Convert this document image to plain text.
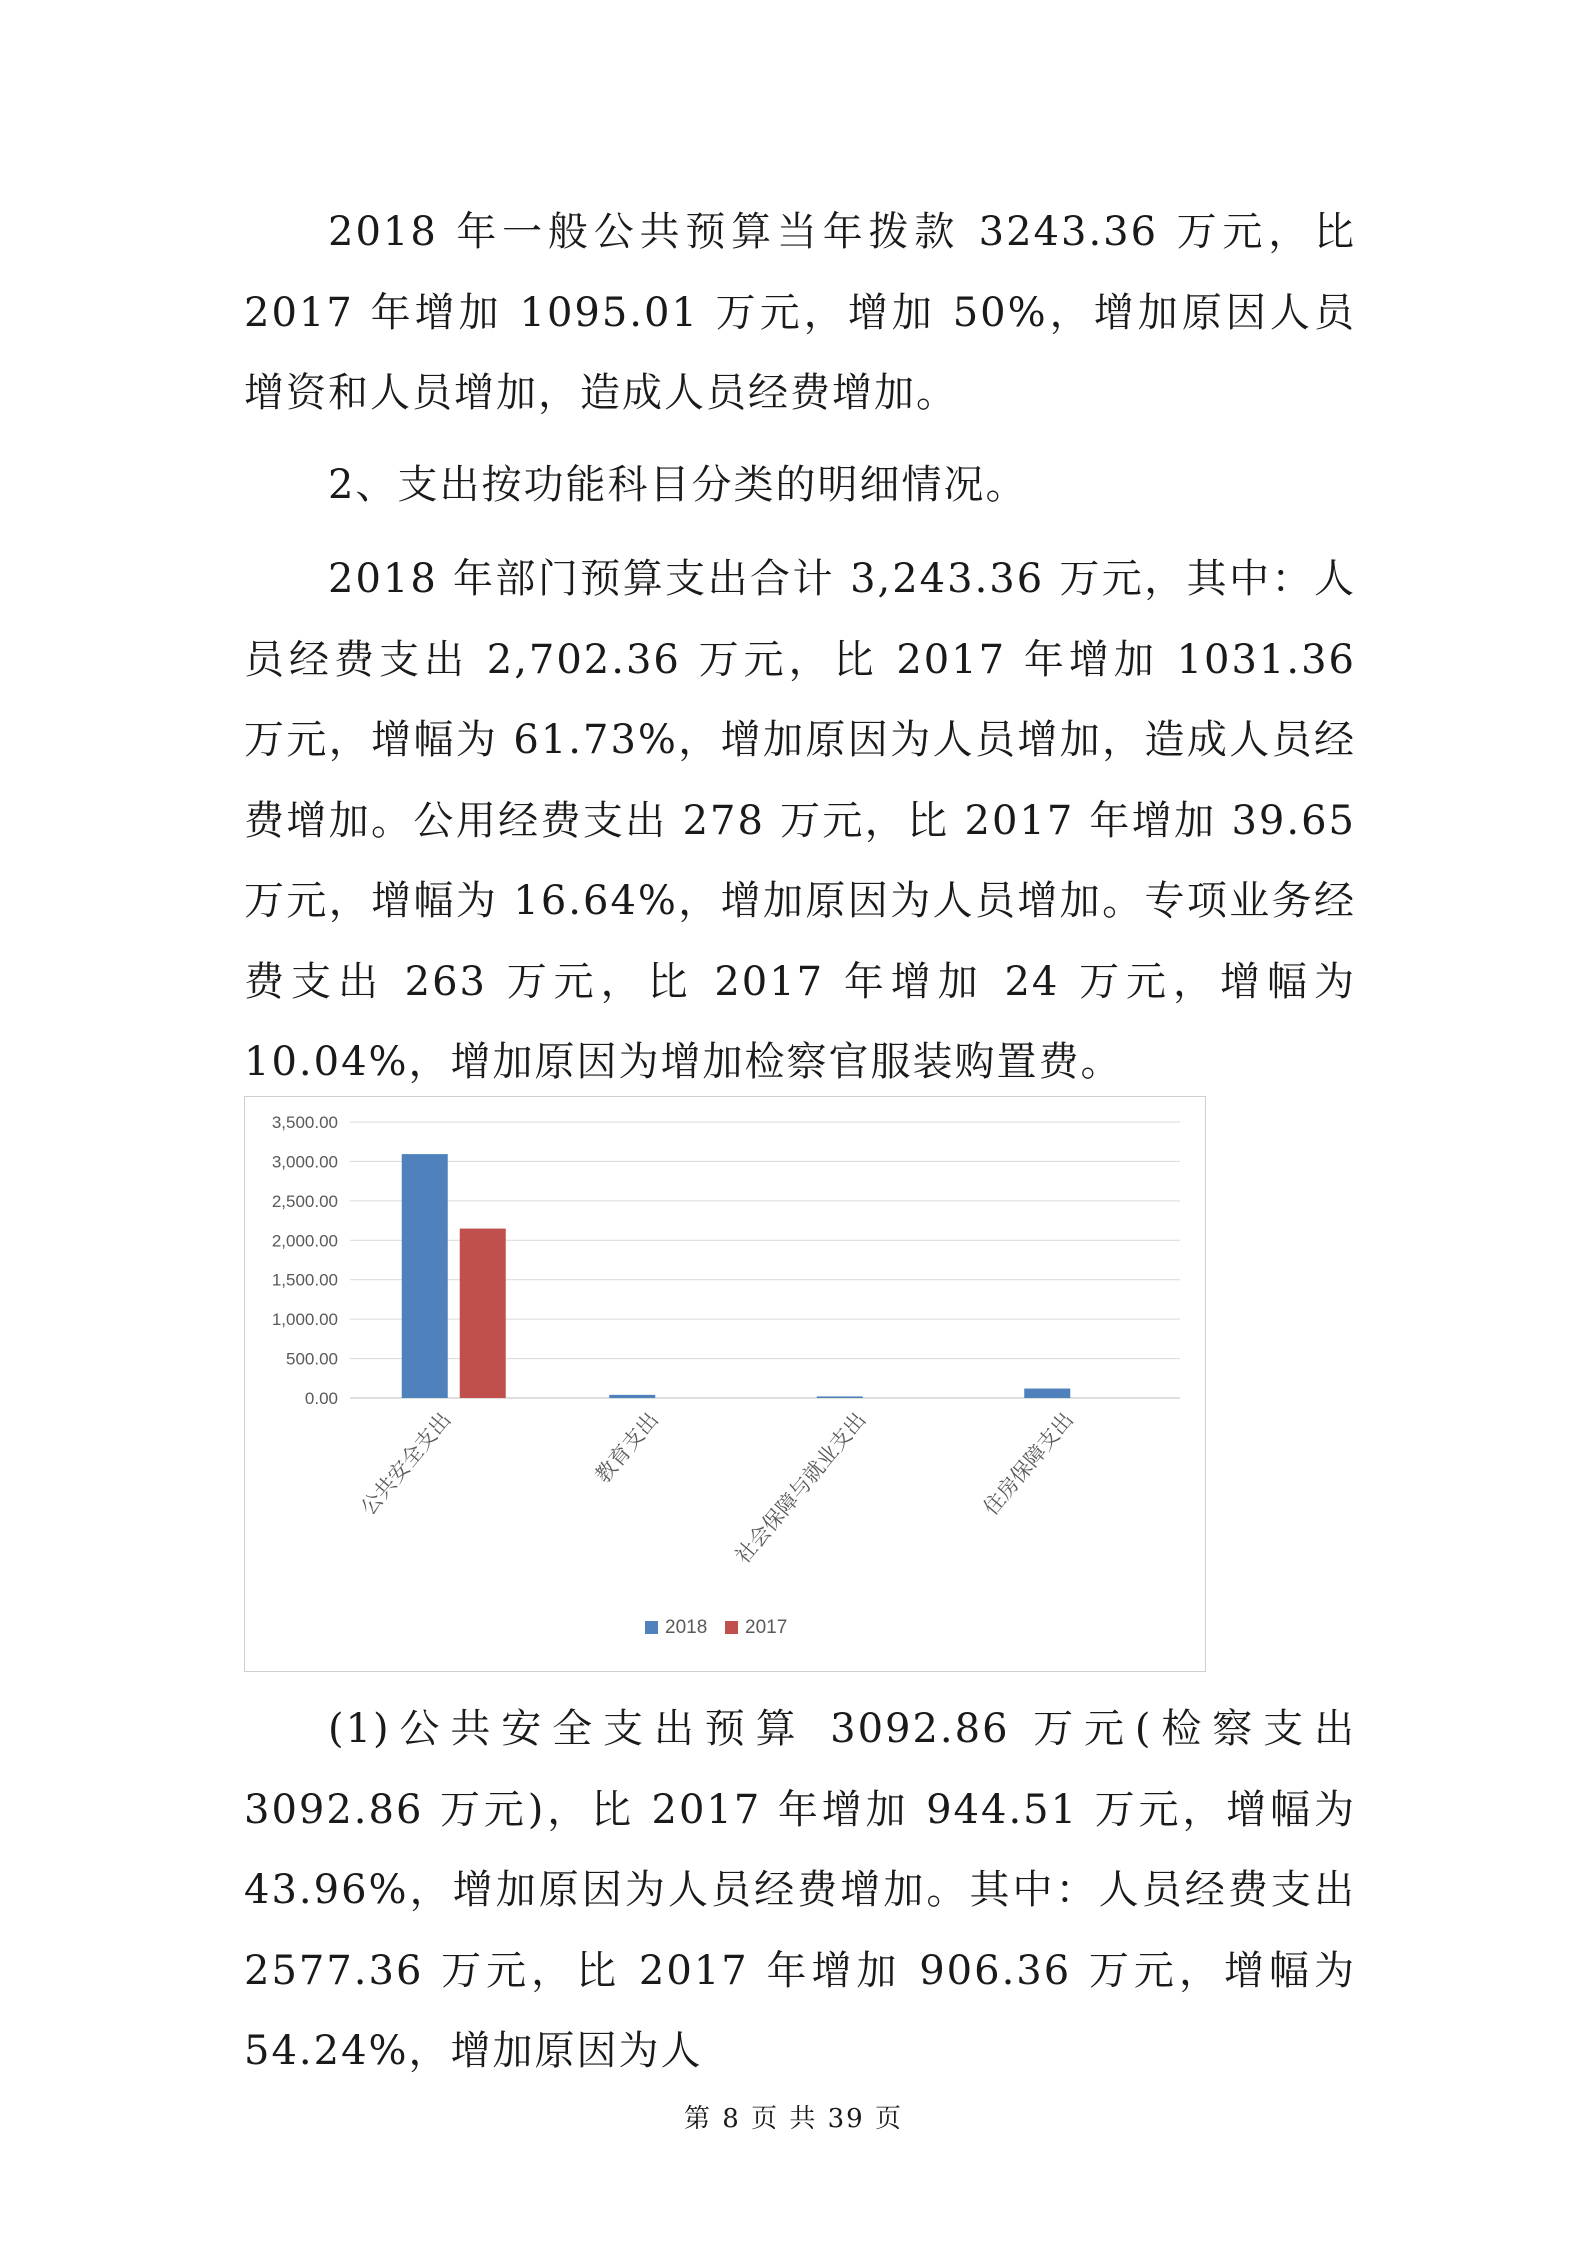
2018 年一般公共预算当年拨款 3243.36 万元，比 2017 年增加 1095.01 万元，增加 50%，增加原因人员增资和人员增加，造成人员经费增加。

2、支出按功能科目分类的明细情况。

2018 年部门预算支出合计 3,243.36 万元，其中：人员经费支出 2,702.36 万元，比 2017 年增加 1031.36 万元，增幅为 61.73%，增加原因为人员增加，造成人员经费增加。公用经费支出 278 万元，比 2017 年增加 39.65 万元，增幅为 16.64%，增加原因为人员增加。专项业务经费支出 263 万元，比 2017 年增加 24 万元，增幅为 10.04%，增加原因为增加检察官服装购置费。

0.00
500.00
1,000.00
1,500.00
2,000.00
2,500.00
3,000.00
3,500.00
公共安全支出	教育支出	社会保障与就业支出	住房保障支出
2018 2017

(1)公共安全支出预算 3092.86 万元(检察支出 3092.86 万元)，比 2017 年增加 944.51 万元，增幅为 43.96%，增加原因为人员经费增加。其中：人员经费支出 2577.36 万元，比 2017 年增加 906.36 万元，增幅为 54.24%，增加原因为人

第 8 页 共 39 页
